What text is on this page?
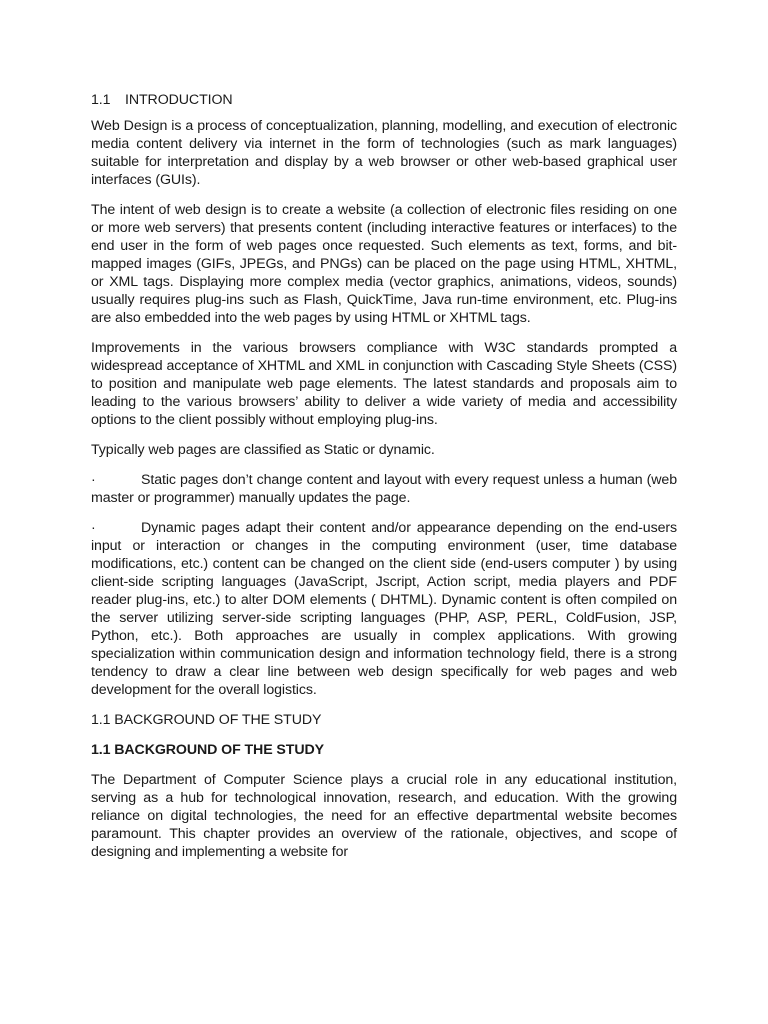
1.1 INTRODUCTION

Web Design is a process of conceptualization, planning, modelling, and execution of electronic media content delivery via internet in the form of technologies (such as mark languages) suitable for interpretation and display by a web browser or other web-based graphical user interfaces (GUIs).

The intent of web design is to create a website (a collection of electronic files residing on one or more web servers) that presents content (including interactive features or interfaces) to the end user in the form of web pages once requested. Such elements as text, forms, and bit-mapped images (GIFs, JPEGs, and PNGs) can be placed on the page using HTML, XHTML, or XML tags. Displaying more complex media (vector graphics, animations, videos, sounds) usually requires plug-ins such as Flash, QuickTime, Java run-time environment, etc. Plug-ins are also embedded into the web pages by using HTML or XHTML tags.

Improvements in the various browsers compliance with W3C standards prompted a widespread acceptance of XHTML and XML in conjunction with Cascading Style Sheets (CSS) to position and manipulate web page elements. The latest standards and proposals aim to leading to the various browsers’ ability to deliver a wide variety of media and accessibility options to the client possibly without employing plug-ins.

Typically web pages are classified as Static or dynamic.

·	Static pages don’t change content and layout with every request unless a human (web master or programmer) manually updates the page.

·	Dynamic pages adapt their content and/or appearance depending on the end-users input or interaction or changes in the computing environment (user, time database modifications, etc.) content can be changed on the client side (end-users computer ) by using client-side scripting languages (JavaScript, Jscript, Action script, media players and PDF reader plug-ins, etc.) to alter DOM elements ( DHTML). Dynamic content is often compiled on the server utilizing server-side scripting languages (PHP, ASP, PERL, ColdFusion, JSP, Python, etc.). Both approaches are usually in complex applications. With growing specialization within communication design and information technology field, there is a strong tendency to draw a clear line between web design specifically for web pages and web development for the overall logistics.

1.1 BACKGROUND OF THE STUDY
1.1 BACKGROUND OF THE STUDY

The Department of Computer Science plays a crucial role in any educational institution, serving as a hub for technological innovation, research, and education. With the growing reliance on digital technologies, the need for an effective departmental website becomes paramount. This chapter provides an overview of the rationale, objectives, and scope of designing and implementing a website for
